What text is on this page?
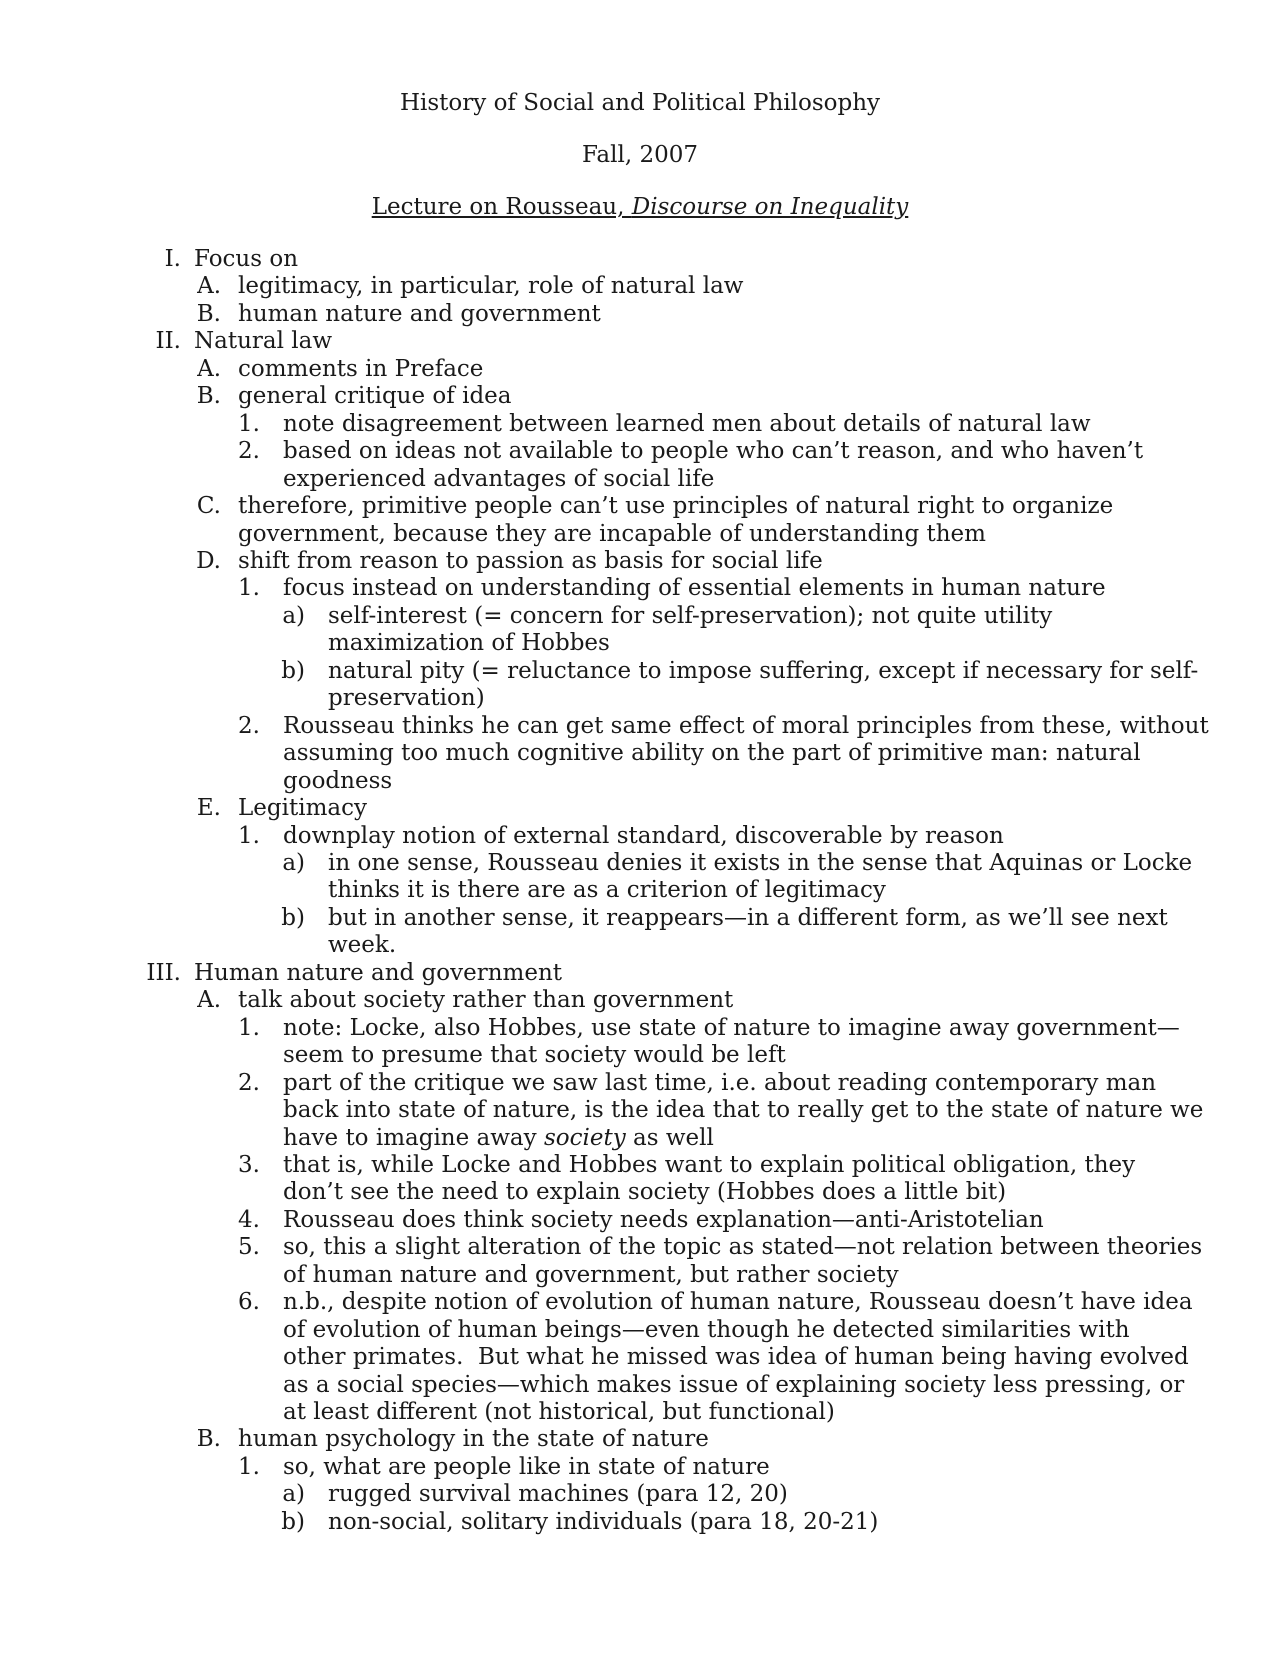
History of Social and Political Philosophy
Fall, 2007
Lecture on Rousseau, Discourse on Inequality
I. Focus on
A. legitimacy, in particular, role of natural law
B. human nature and government
II. Natural law
A. comments in Preface
B. general critique of idea
1. note disagreement between learned men about details of natural law
2. based on ideas not available to people who can’t reason, and who haven’t
experienced advantages of social life
C. therefore, primitive people can’t use principles of natural right to organize
government, because they are incapable of understanding them
D. shift from reason to passion as basis for social life
1. focus instead on understanding of essential elements in human nature
a) self-interest (= concern for self-preservation); not quite utility
maximization of Hobbes
b) natural pity (= reluctance to impose suffering, except if necessary for self-
preservation)
2. Rousseau thinks he can get same effect of moral principles from these, without
assuming too much cognitive ability on the part of primitive man: natural
goodness
E. Legitimacy
1. downplay notion of external standard, discoverable by reason
a) in one sense, Rousseau denies it exists in the sense that Aquinas or Locke
thinks it is there are as a criterion of legitimacy
b) but in another sense, it reappears—in a different form, as we’ll see next
week.
III. Human nature and government
A. talk about society rather than government
1. note: Locke, also Hobbes, use state of nature to imagine away government—
seem to presume that society would be left
2. part of the critique we saw last time, i.e. about reading contemporary man
back into state of nature, is the idea that to really get to the state of nature we
have to imagine away society as well
3. that is, while Locke and Hobbes want to explain political obligation, they
don’t see the need to explain society (Hobbes does a little bit)
4. Rousseau does think society needs explanation—anti-Aristotelian
5. so, this a slight alteration of the topic as stated—not relation between theories
of human nature and government, but rather society
6. n.b., despite notion of evolution of human nature, Rousseau doesn’t have idea
of evolution of human beings—even though he detected similarities with
other primates.  But what he missed was idea of human being having evolved
as a social species—which makes issue of explaining society less pressing, or
at least different (not historical, but functional)
B. human psychology in the state of nature
1. so, what are people like in state of nature
a) rugged survival machines (para 12, 20)
b) non-social, solitary individuals (para 18, 20-21)
